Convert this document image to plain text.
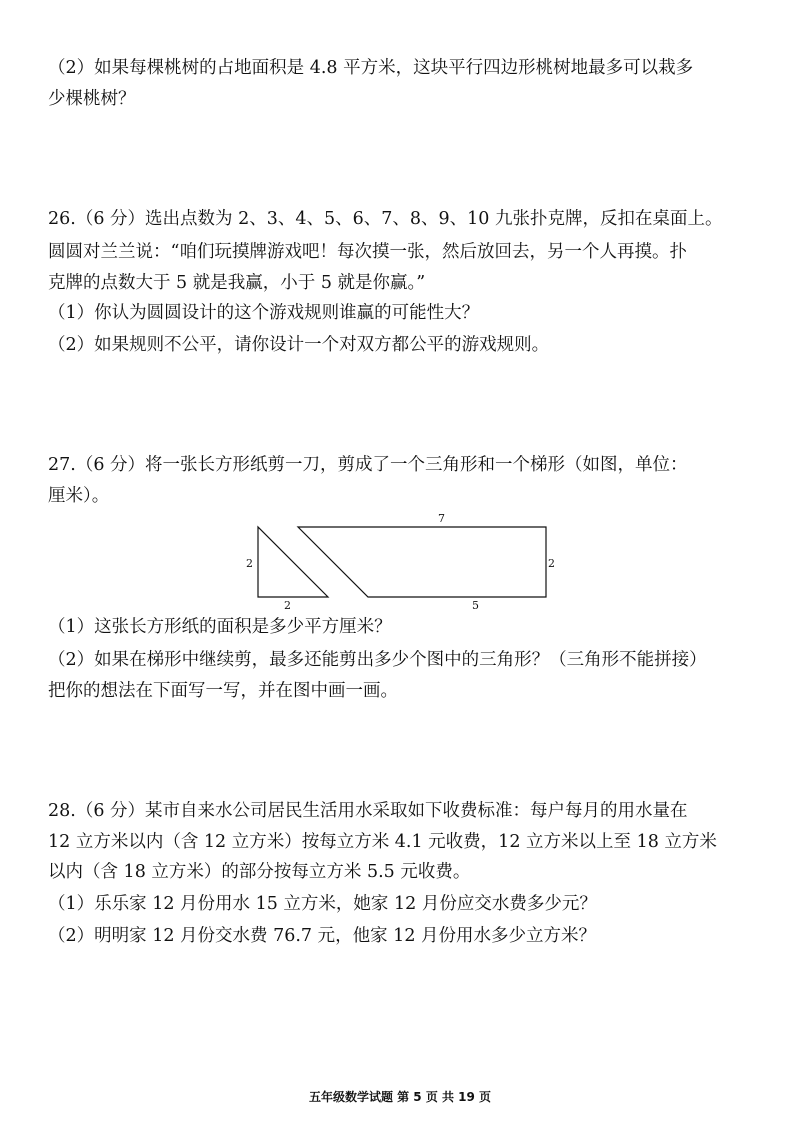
（2）如果每棵桃树的占地面积是 4.8 平方米，这块平行四边形桃树地最多可以栽多
少棵桃树？
26.（6 分）选出点数为 2、3、4、5、6、7、8、9、10 九张扑克牌，反扣在桌面上。
圆圆对兰兰说：“咱们玩摸牌游戏吧！每次摸一张，然后放回去，另一个人再摸。扑
克牌的点数大于 5 就是我赢，小于 5 就是你赢。”
（1）你认为圆圆设计的这个游戏规则谁赢的可能性大？
（2）如果规则不公平，请你设计一个对双方都公平的游戏规则。
27.（6 分）将一张长方形纸剪一刀，剪成了一个三角形和一个梯形（如图，单位：
厘米）。
2
2
7
2
5
（1）这张长方形纸的面积是多少平方厘米？
（2）如果在梯形中继续剪，最多还能剪出多少个图中的三角形？（三角形不能拼接）
把你的想法在下面写一写，并在图中画一画。
28.（6 分）某市自来水公司居民生活用水采取如下收费标准：每户每月的用水量在
12 立方米以内（含 12 立方米）按每立方米 4.1 元收费，12 立方米以上至 18 立方米
以内（含 18 立方米）的部分按每立方米 5.5 元收费。
（1）乐乐家 12 月份用水 15 立方米，她家 12 月份应交水费多少元？
（2）明明家 12 月份交水费 76.7 元，他家 12 月份用水多少立方米？
五年级数学试题 第 5 页 共 19 页
